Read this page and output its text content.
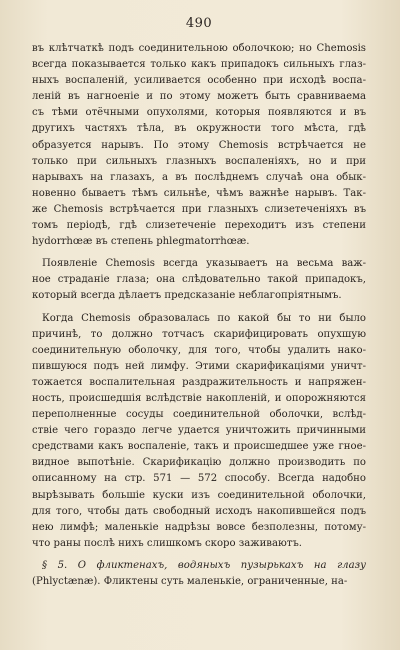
490

въ клѣтчаткѣ подъ соединительною оболочкою; но Chemosis
всегда показывается только какъ припадокъ сильныхъ глаз-
ныхъ воспаленій, усиливается особенно при исходѣ воспа-
леній въ нагноеніе и по этому можетъ быть сравниваема
съ тѣми отёчными опухолями, которыя появляются и въ
другихъ частяхъ тѣла, въ окружности того мѣста, гдѣ
образуется нарывъ. По этому Chemosis встрѣчается не
только при сильныхъ глазныхъ воспаленіяхъ, но и при
нарывахъ на глазахъ, а въ послѣднемъ случаѣ она обык-
новенно бываетъ тѣмъ сильнѣе, чѣмъ важнѣе нарывъ. Так-
же Chemosis встрѣчается при глазныхъ слизетеченіяхъ въ
томъ періодѣ, гдѣ слизетеченіе переходитъ изъ степени
hydorrhœæ въ степень phlegmatorrhœæ.

Появленіе Chemosis всегда указываетъ на весьма важ-
ное страданіе глаза; она слѣдовательно такой припадокъ,
который всегда дѣлаетъ предсказаніе неблагопріятнымъ.

Когда Chemosis образовалась по какой бы то ни было
причинѣ, то должно тотчасъ скарифицировать опухшую
соединительную оболочку, для того, чтобы удалить нако-
пившуюся подъ ней лимфу. Этими скарификаціями уничт-
тожается воспалительная раздражительность и напряжен-
ность, происшедшія вслѣдствіе накопленій, и опорожняются
переполненные сосуды соединительной оболочки, вслѣд-
ствіе чего гораздо легче удается уничтожить причинными
средствами какъ воспаленіе, такъ и происшедшее уже гное-
видное выпотѣніе. Скарификацію должно производить по
описанному на стр. 571 — 572 способу. Всегда надобно
вырѣзывать большіе куски изъ соединительной оболочки,
для того, чтобы дать свободный исходъ накопившейся подъ
нею лимфѣ; маленькіе надрѣзы вовсе безполезны, потому-
что раны послѣ нихъ слишкомъ скоро заживаютъ.

§ 5. О фликтенахъ, водяныхъ пузырькахъ на глазу
(Phlyctænæ). Фликтены суть маленькіе, ограниченные, на-
